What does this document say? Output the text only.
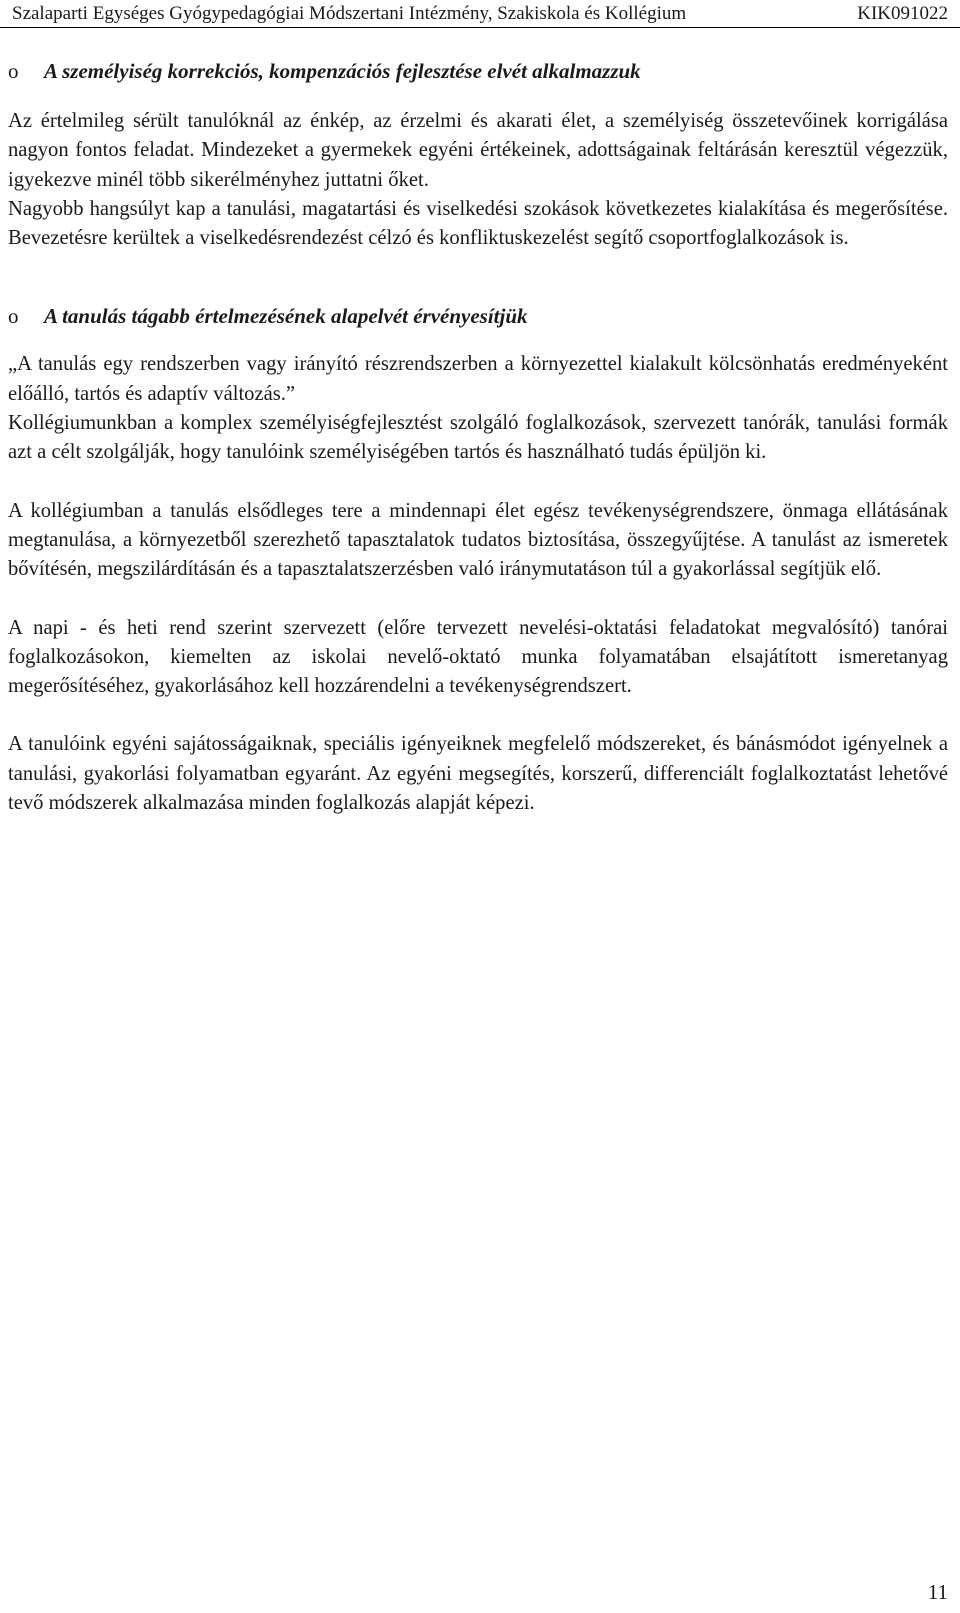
Szalaparti Egységes Gyógypedagógiai Módszertani Intézmény, Szakiskola és Kollégium	KIK091022
o	A személyiség korrekciós, kompenzációs fejlesztése elvét alkalmazzuk

Az értelmileg sérült tanulóknál az énkép, az érzelmi és akarati élet, a személyiség összetevőinek korrigálása nagyon fontos feladat. Mindezeket a gyermekek egyéni értékeinek, adottságainak feltárásán keresztül végezzük, igyekezve minél több sikerélményhez juttatni őket.

Nagyobb hangsúlyt kap a tanulási, magatartási és viselkedési szokások következetes kialakítása és megerősítése. Bevezetésre kerültek a viselkedésrendezést célzó és konfliktuskezelést segítő csoportfoglalkozások is.

o	A tanulás tágabb értelmezésének alapelvét érvényesítjük

„A tanulás egy rendszerben vagy irányító részrendszerben a környezettel kialakult kölcsönhatás eredményeként előálló, tartós és adaptív változás.”

Kollégiumunkban a komplex személyiségfejlesztést szolgáló foglalkozások, szervezett tanórák, tanulási formák azt a célt szolgálják, hogy tanulóink személyiségében tartós és használható tudás épüljön ki.

A kollégiumban a tanulás elsődleges tere a mindennapi élet egész tevékenységrendszere, önmaga ellátásának megtanulása, a környezetből szerezhető tapasztalatok tudatos biztosítása, összegyűjtése. A tanulást az ismeretek bővítésén, megszilárdításán és a tapasztalatszerzésben való iránymutatáson túl a gyakorlással segítjük elő.

A napi - és heti rend szerint szervezett (előre tervezett nevelési-oktatási feladatokat megvalósító) tanórai foglalkozásokon, kiemelten az iskolai nevelő-oktató munka folyamatában elsajátított ismeretanyag megerősítéséhez, gyakorlásához kell hozzárendelni a tevékenységrendszert.

A tanulóink egyéni sajátosságaiknak, speciális igényeiknek megfelelő módszereket, és bánásmódot igényelnek a tanulási, gyakorlási folyamatban egyaránt. Az egyéni megsegítés, korszerű, differenciált foglalkoztatást lehetővé tevő módszerek alkalmazása minden foglalkozás alapját képezi.

11
